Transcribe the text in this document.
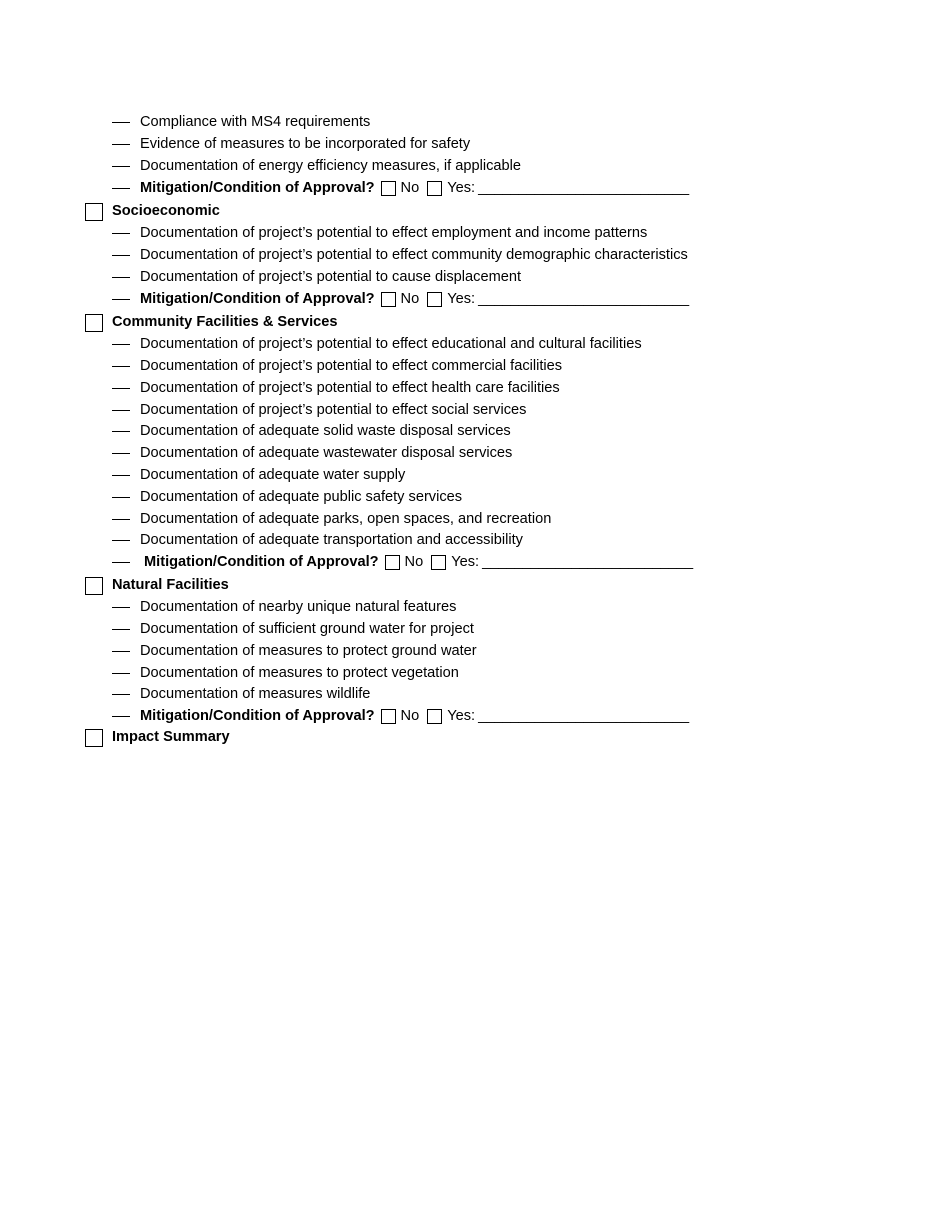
Compliance with MS4 requirements
Evidence of measures to be incorporated for safety
Documentation of energy efficiency measures, if applicable
Mitigation/Condition of Approval? No Yes: __________________________
Socioeconomic
Documentation of project’s potential to effect employment and income patterns
Documentation of project’s potential to effect community demographic characteristics
Documentation of project’s potential to cause displacement
Mitigation/Condition of Approval? No Yes: __________________________
Community Facilities & Services
Documentation of project’s potential to effect educational and cultural facilities
Documentation of project’s potential to effect commercial facilities
Documentation of project’s potential to effect health care facilities
Documentation of project’s potential to effect social services
Documentation of adequate solid waste disposal services
Documentation of adequate wastewater disposal services
Documentation of adequate water supply
Documentation of adequate public safety services
Documentation of adequate parks, open spaces, and recreation
Documentation of adequate transportation and accessibility
Mitigation/Condition of Approval? No Yes: __________________________
Natural Facilities
Documentation of nearby unique natural features
Documentation of sufficient ground water for project
Documentation of measures to protect ground water
Documentation of measures to protect vegetation
Documentation of measures wildlife
Mitigation/Condition of Approval? No Yes: __________________________
Impact Summary
